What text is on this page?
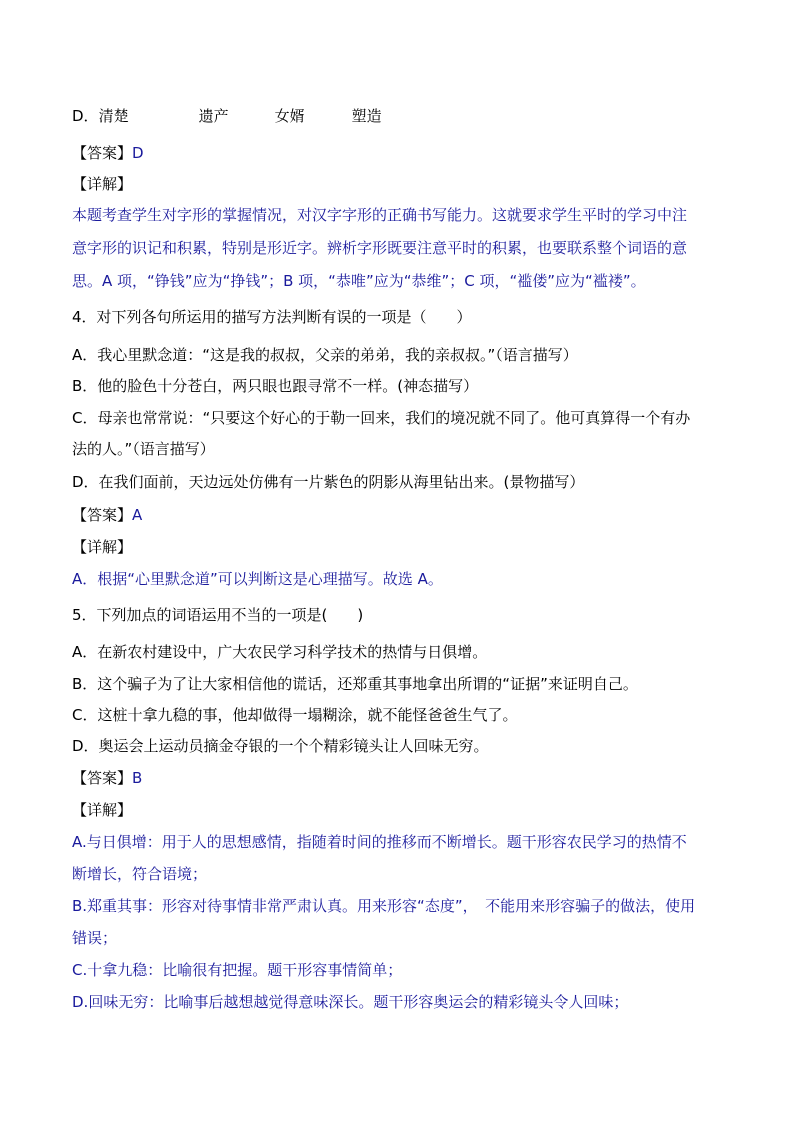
D．清楚	遗产	女婿	塑造
【答案】D
【详解】
本题考查学生对字形的掌握情况，对汉字字形的正确书写能力。这就要求学生平时的学习中注
意字形的识记和积累，特别是形近字。辨析字形既要注意平时的积累，也要联系整个词语的意
思。A 项，“铮钱”应为“挣钱”；B 项，“恭唯”应为“恭维”；C 项，“褴偻”应为“褴褛”。
4．对下列各句所运用的描写方法判断有误的一项是（　　）
A．我心里默念道：“这是我的叔叔，父亲的弟弟，我的亲叔叔。”（语言描写）
B．他的脸色十分苍白，两只眼也跟寻常不一样。(神态描写）
C．母亲也常常说：“只要这个好心的于勒一回来，我们的境况就不同了。他可真算得一个有办
法的人。”（语言描写）
D．在我们面前，天边远处仿佛有一片紫色的阴影从海里钻出来。(景物描写）
【答案】A
【详解】
A．根据“心里默念道”可以判断这是心理描写。故选 A。
5．下列加点的词语运用不当的一项是(　　)
A．在新农村建设中，广大农民学习科学技术的热情与日俱增。
B．这个骗子为了让大家相信他的谎话，还郑重其事地拿出所谓的“证据”来证明自己。
C．这桩十拿九稳的事，他却做得一塌糊涂，就不能怪爸爸生气了。
D．奥运会上运动员摘金夺银的一个个精彩镜头让人回味无穷。
【答案】B
【详解】
A.与日俱增：用于人的思想感情，指随着时间的推移而不断增长。题干形容农民学习的热情不
断增长，符合语境；
B.郑重其事：形容对待事情非常严肃认真。用来形容“态度”，　不能用来形容骗子的做法，使用
错误；
C.十拿九稳：比喻很有把握。题干形容事情简单；
D.回味无穷：比喻事后越想越觉得意味深长。题干形容奥运会的精彩镜头令人回味；
